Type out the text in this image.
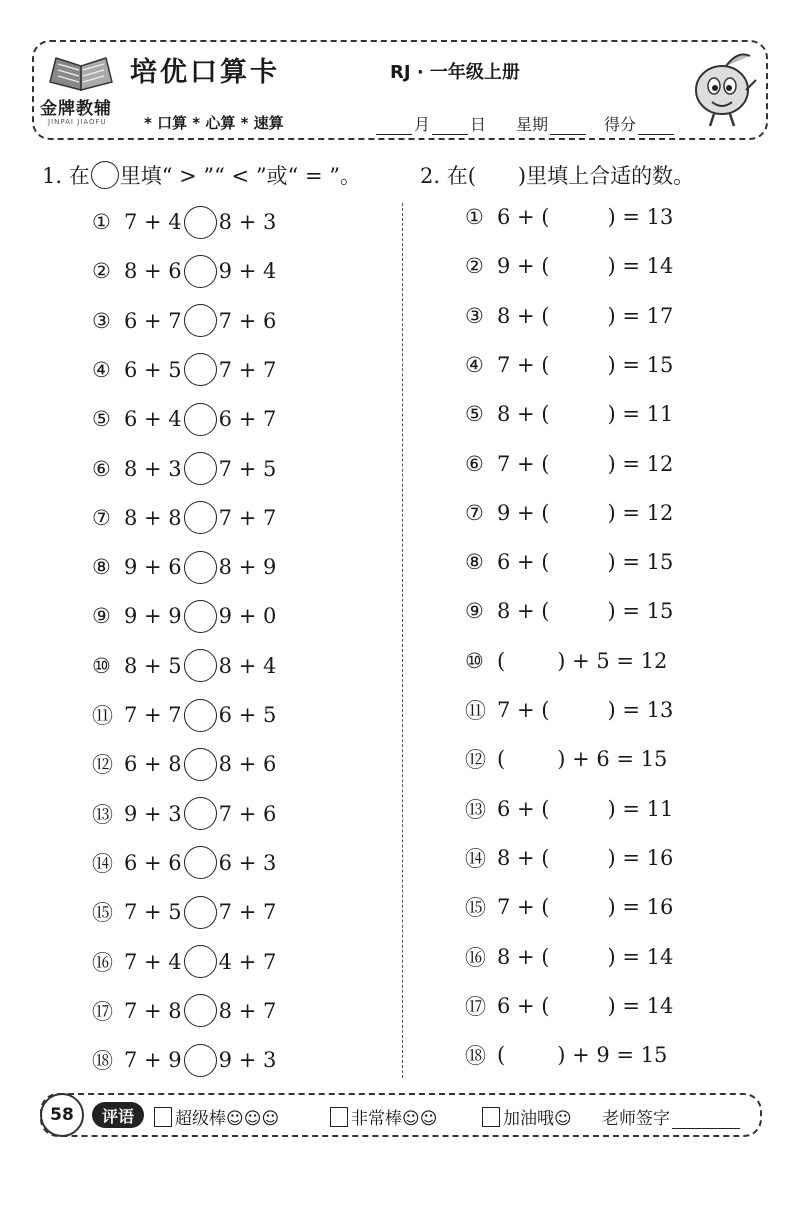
金牌教辅
JINPAI JIAOFU
培优口算卡	RJ · 一年级上册
* 口算 * 心算 * 速算	月	日 星期	得分
1. 在 里填“ > ”“ < ”或“ = ”。	2. 在(　　)里填上合适的数。
① 7 + 4 8 + 3
② 8 + 6 9 + 4
③ 6 + 7 7 + 6
④ 6 + 5 7 + 7
⑤ 6 + 4 6 + 7
⑥ 8 + 3 7 + 5
⑦ 8 + 8 7 + 7
⑧ 9 + 6 8 + 9
⑨ 9 + 9 9 + 0
⑩ 8 + 5 8 + 4
⑪ 7 + 7 6 + 5
⑫ 6 + 8 8 + 6
⑬ 9 + 3 7 + 6
⑭ 6 + 6 6 + 3
⑮ 7 + 5 7 + 7
⑯ 7 + 4 4 + 7
⑰ 7 + 8 8 + 7
⑱ 7 + 9 9 + 3
① 6 + (	) = 13
② 9 + (	) = 14
③ 8 + (	) = 17
④ 7 + (	) = 15
⑤ 8 + (	) = 11
⑥ 7 + (	) = 12
⑦ 9 + (	) = 12
⑧ 6 + (	) = 15
⑨ 8 + (	) = 15
⑩ ( ) + 5 = 12
⑪ 7 + (	) = 13
⑫ ( ) + 6 = 15
⑬ 6 + (	) = 11
⑭ 8 + (	) = 16
⑮ 7 + (	) = 16
⑯ 8 + (	) = 14
⑰ 6 + (	) = 14
⑱ ( ) + 9 = 15
58	评语	超级棒☺☺☺	非常棒☺☺	加油哦☺ 老师签字
